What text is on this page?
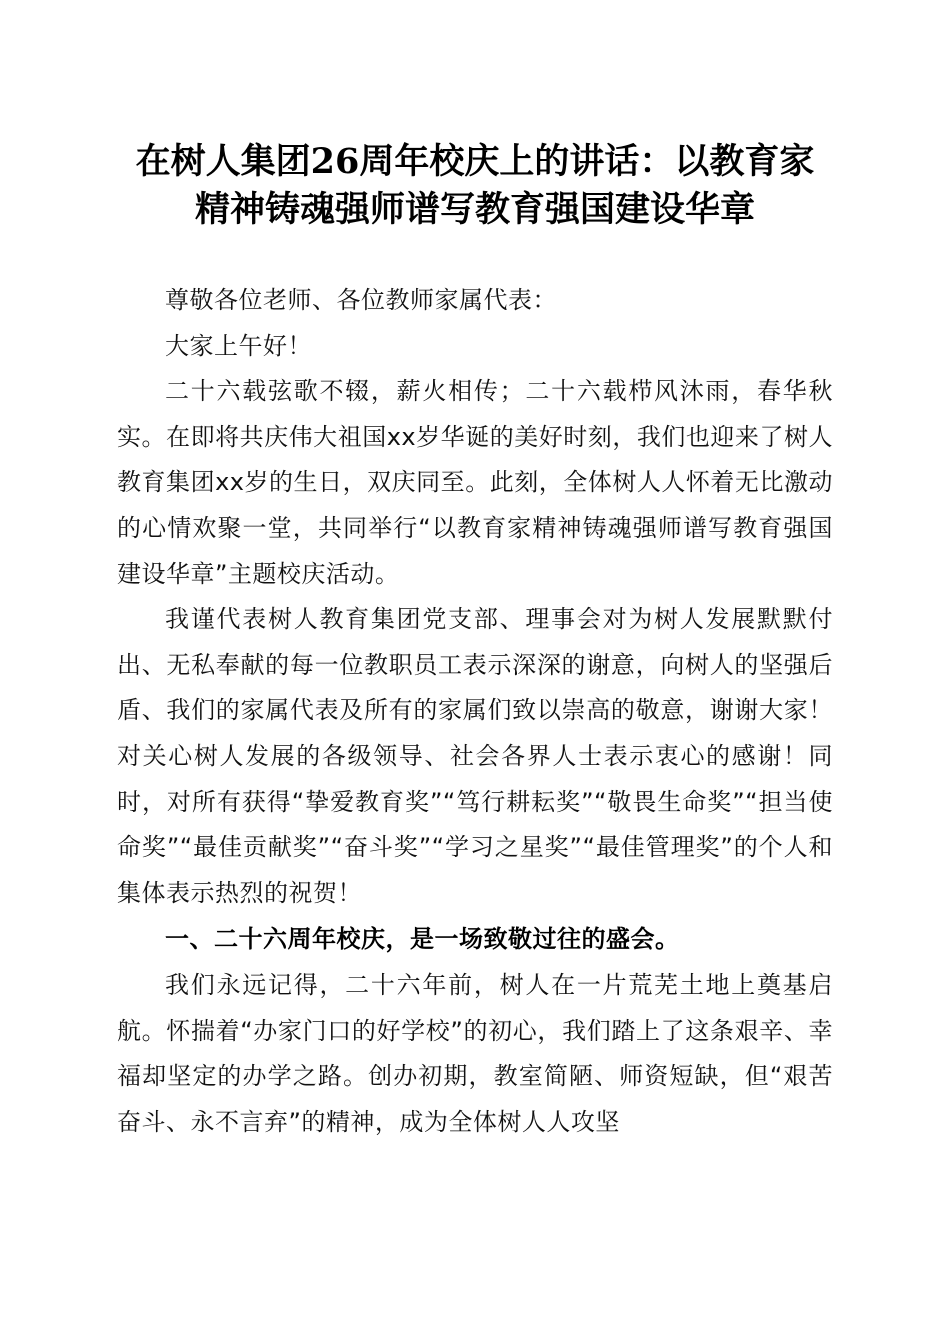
在树人集团26周年校庆上的讲话：以教育家
精神铸魂强师谱写教育强国建设华章

尊敬各位老师、各位教师家属代表：

大家上午好！

二十六载弦歌不辍，薪火相传；二十六载栉风沐雨，春华秋实。在即将共庆伟大祖国xx岁华诞的美好时刻，我们也迎来了树人教育集团xx岁的生日，双庆同至。此刻，全体树人人怀着无比激动的心情欢聚一堂，共同举行“以教育家精神铸魂强师谱写教育强国建设华章”主题校庆活动。

我谨代表树人教育集团党支部、理事会对为树人发展默默付出、无私奉献的每一位教职员工表示深深的谢意，向树人的坚强后盾、我们的家属代表及所有的家属们致以崇高的敬意，谢谢大家！对关心树人发展的各级领导、社会各界人士表示衷心的感谢！同时，对所有获得“挚爱教育奖”“笃行耕耘奖”“敬畏生命奖”“担当使命奖”“最佳贡献奖”“奋斗奖”“学习之星奖”“最佳管理奖”的个人和集体表示热烈的祝贺！

一、二十六周年校庆，是一场致敬过往的盛会。

我们永远记得，二十六年前，树人在一片荒芜土地上奠基启航。怀揣着“办家门口的好学校”的初心，我们踏上了这条艰辛、幸福却坚定的办学之路。创办初期，教室简陋、师资短缺，但“艰苦奋斗、永不言弃”的精神，成为全体树人人攻坚
